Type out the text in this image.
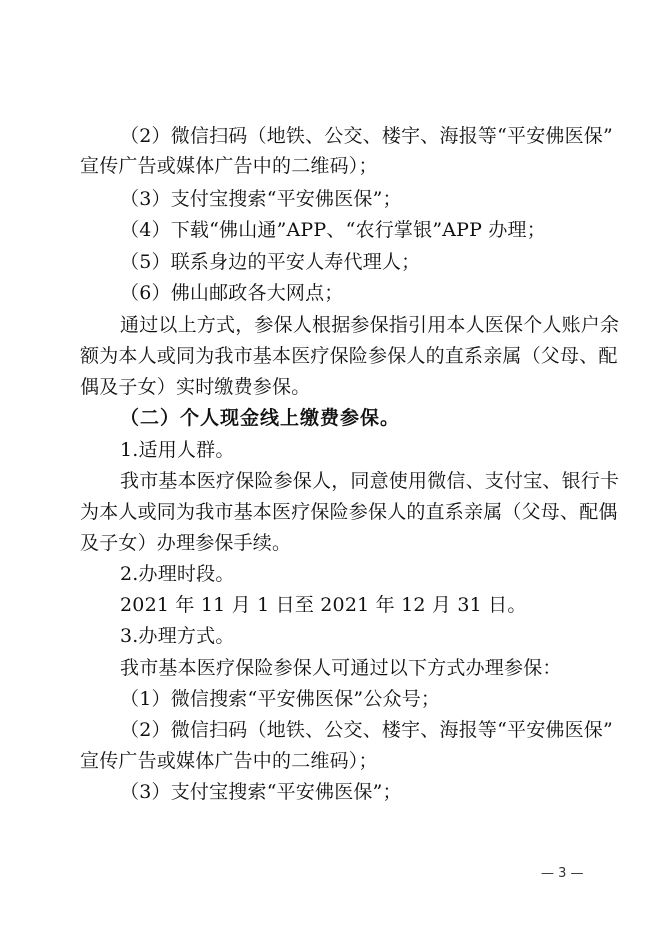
（2）微信扫码（地铁、公交、楼宇、海报等“平安佛医保”
宣传广告或媒体广告中的二维码）；
（3）支付宝搜索“平安佛医保”；
（4）下载“佛山通”APP、“农行掌银”APP 办理；
（5）联系身边的平安人寿代理人；
（6）佛山邮政各大网点；
通过以上方式，参保人根据参保指引用本人医保个人账户余
额为本人或同为我市基本医疗保险参保人的直系亲属（父母、配
偶及子女）实时缴费参保。
（二）个人现金线上缴费参保。
1.适用人群。
我市基本医疗保险参保人，同意使用微信、支付宝、银行卡
为本人或同为我市基本医疗保险参保人的直系亲属（父母、配偶
及子女）办理参保手续。
2.办理时段。
2021 年 11 月 1 日至 2021 年 12 月 31 日。
3.办理方式。
我市基本医疗保险参保人可通过以下方式办理参保：
（1）微信搜索“平安佛医保”公众号；
（2）微信扫码（地铁、公交、楼宇、海报等“平安佛医保”
宣传广告或媒体广告中的二维码）；
（3）支付宝搜索“平安佛医保”；
— 3 —
